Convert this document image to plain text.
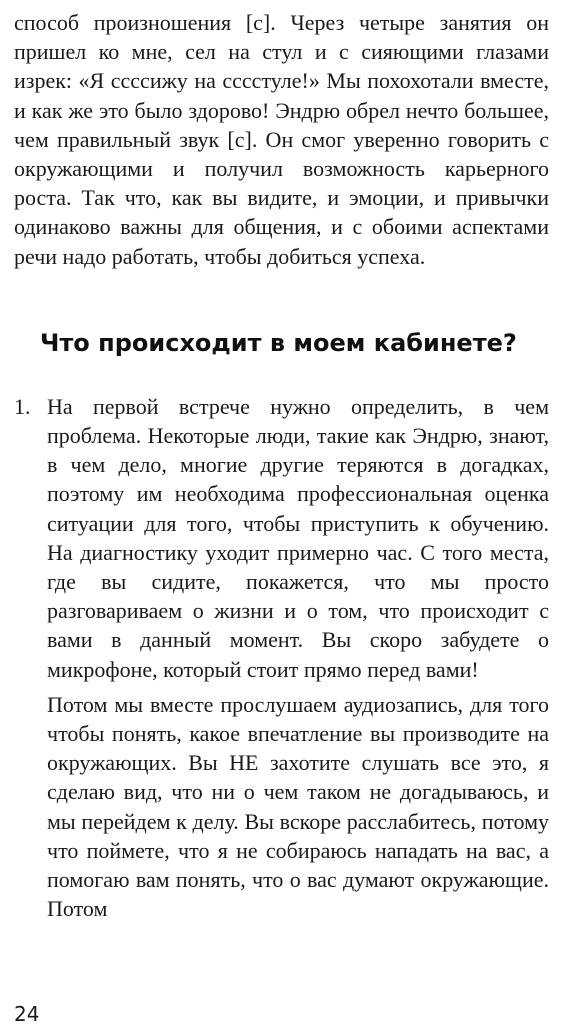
способ произношения [с]. Через четыре занятия он пришел ко мне, сел на стул и с сияющими глазами изрек: «Я ссссижу на сссстуле!» Мы похохотали вместе, и как же это было здорово! Эндрю обрел нечто большее, чем правильный звук [с]. Он смог уверенно говорить с окружающими и получил возможность карьерного роста. Так что, как вы видите, и эмоции, и привычки одинаково важны для общения, и с обоими аспектами речи надо работать, чтобы добиться успеха.

Что происходит в моем кабинете?
1. На первой встрече нужно определить, в чем проблема. Некоторые люди, такие как Эндрю, знают, в чем дело, многие другие теряются в догадках, поэтому им необходима профессиональная оценка ситуации для того, чтобы приступить к обучению. На диагностику уходит примерно час. С того места, где вы сидите, покажется, что мы просто разговариваем о жизни и о том, что происходит с вами в данный момент. Вы скоро забудете о микрофоне, который стоит прямо перед вами!

Потом мы вместе прослушаем аудиозапись, для того чтобы понять, какое впечатление вы производите на окружающих. Вы НЕ захотите слушать все это, я сделаю вид, что ни о чем таком не догадываюсь, и мы перейдем к делу. Вы вскоре расслабитесь, потому что поймете, что я не собираюсь нападать на вас, а помогаю вам понять, что о вас думают окружающие. Потом

24
